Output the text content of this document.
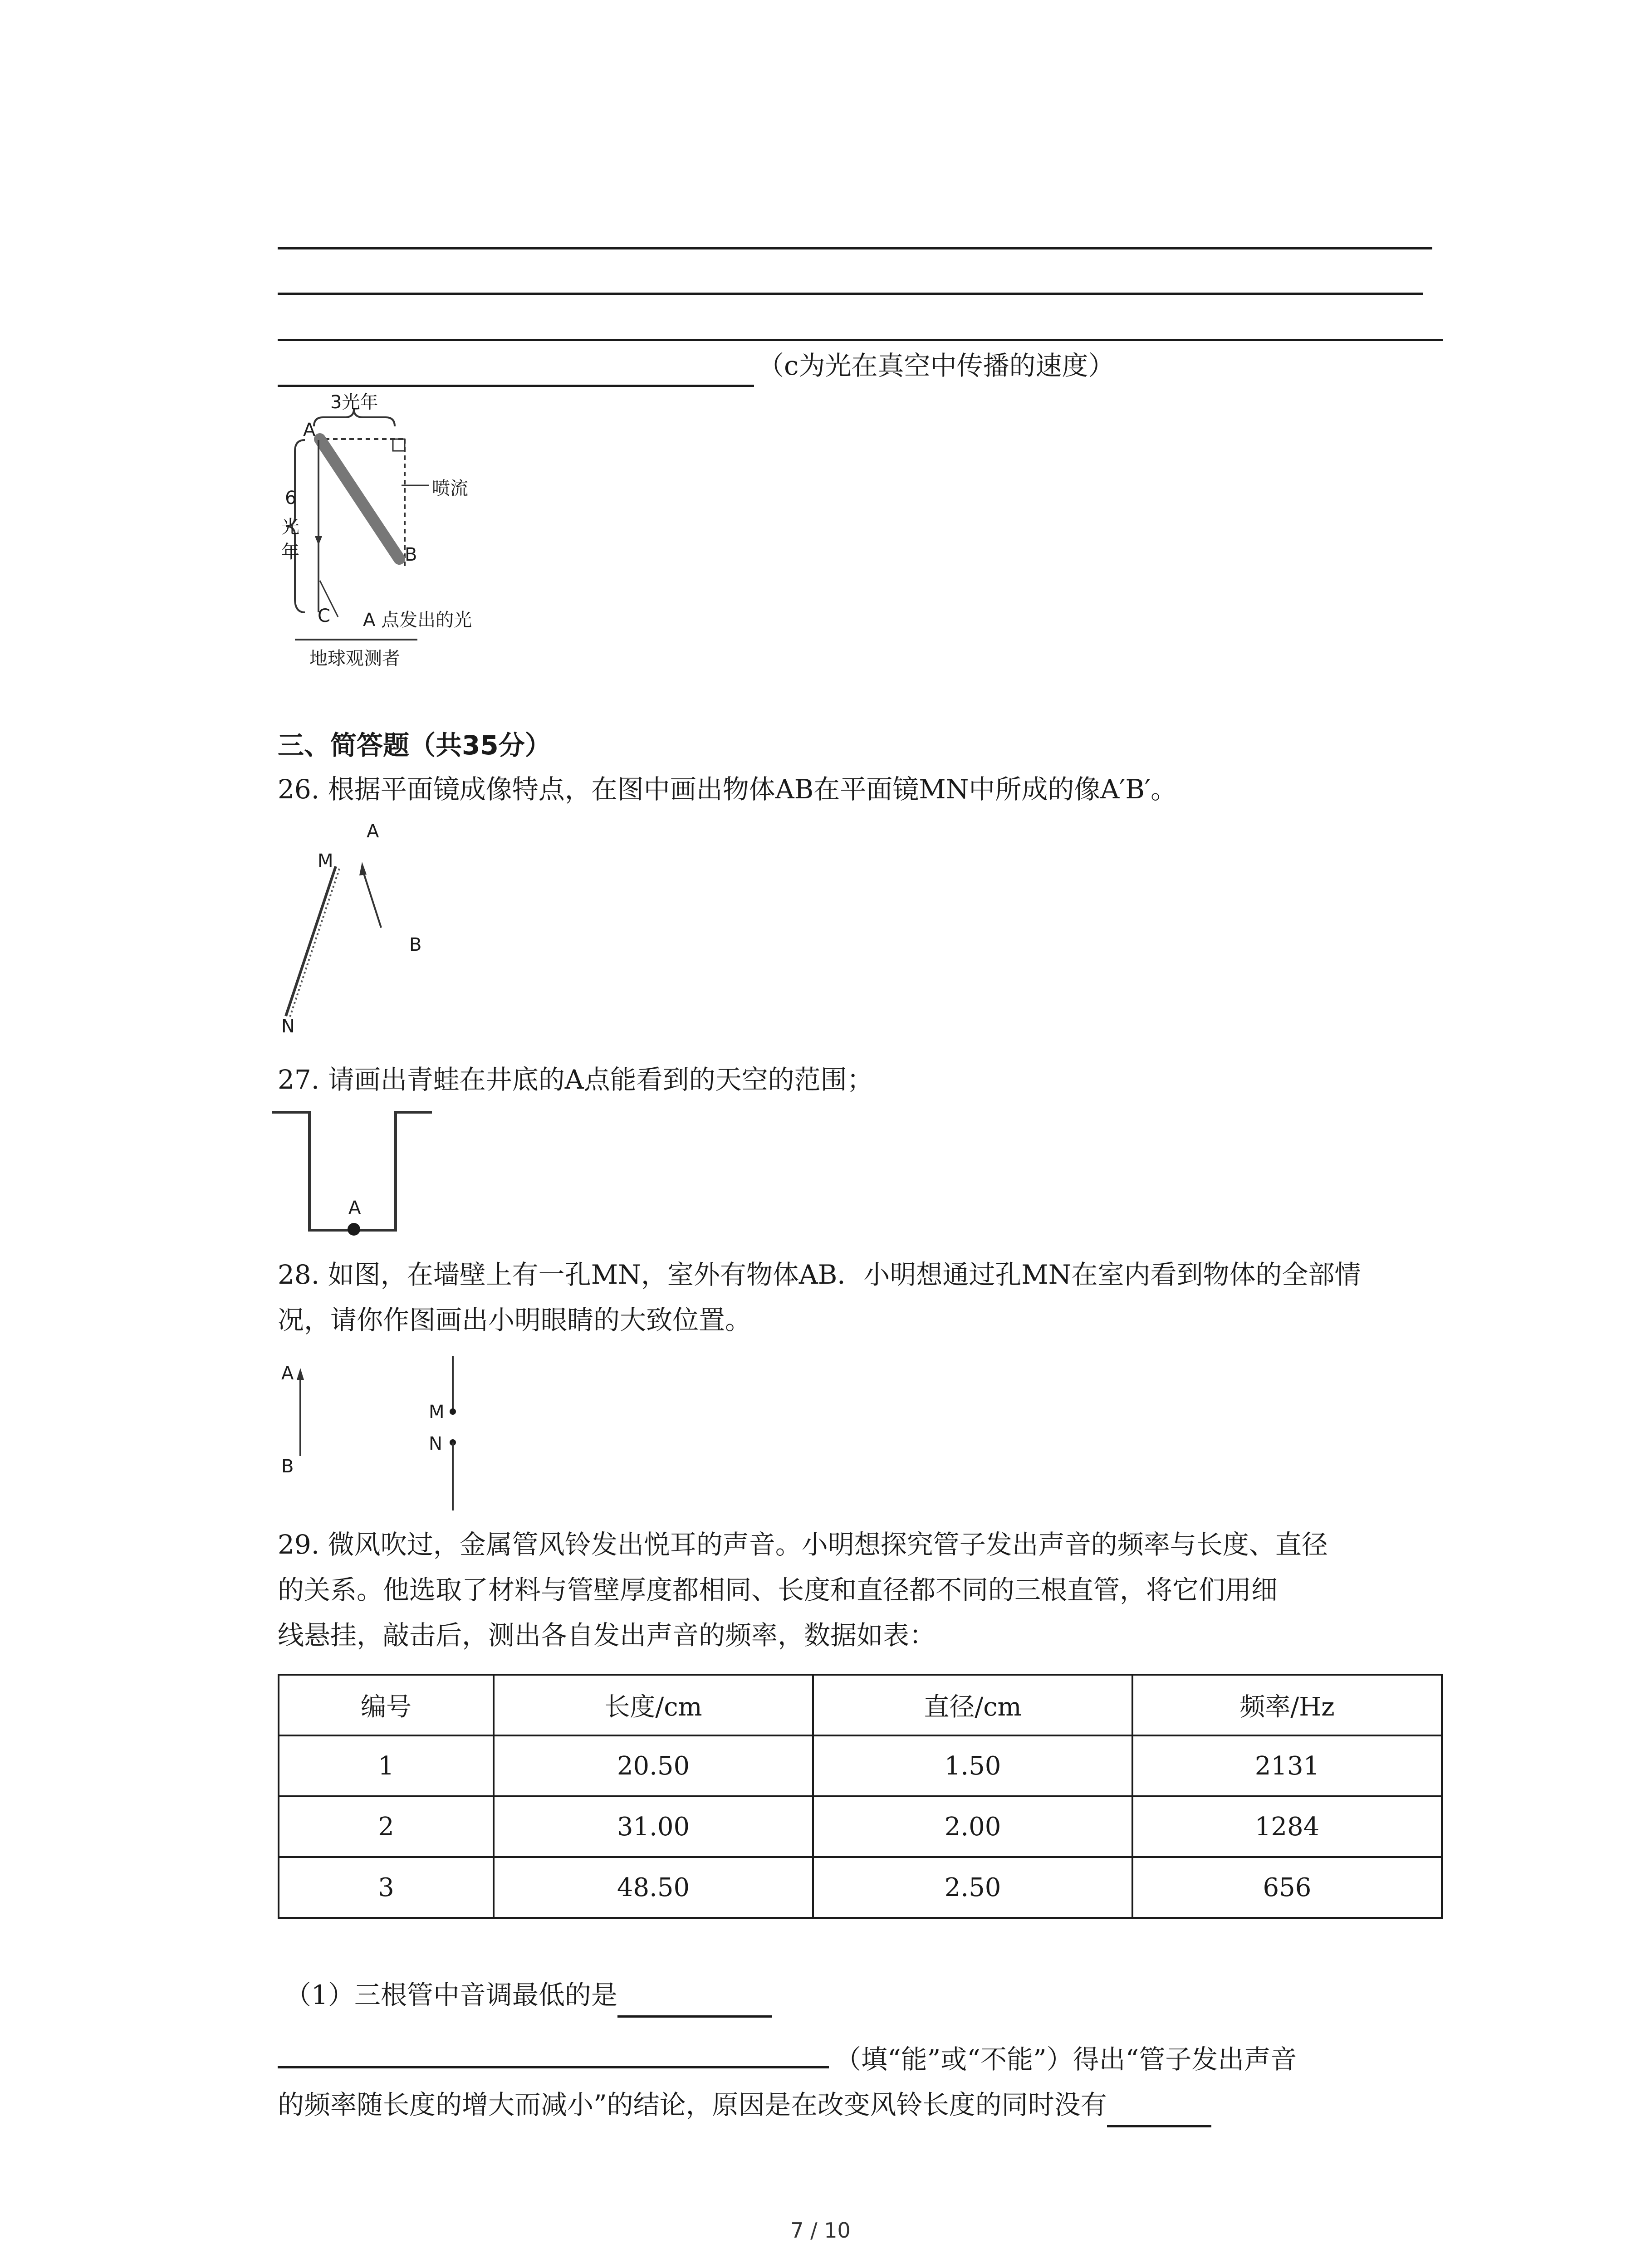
（c为光在真空中传播的速度）
3光年
A
B
C
喷流
6
光
年
A 点发出的光
地球观测者
三、简答题（共35分）
26. 根据平面镜成像特点，在图中画出物体AB在平面镜MN中所成的像A′B′。
M
N
A
B
27. 请画出青蛙在井底的A点能看到的天空的范围；
A
28. 如图，在墙壁上有一孔MN，室外有物体AB．小明想通过孔MN在室内看到物体的全部情
况，请你作图画出小明眼睛的大致位置。
A
B
M
N
29. 微风吹过，金属管风铃发出悦耳的声音。小明想探究管子发出声音的频率与长度、直径
的关系。他选取了材料与管壁厚度都相同、长度和直径都不同的三根直管，将它们用细
线悬挂，敲击后，测出各自发出声音的频率，数据如表：
编号	长度/cm	直径/cm	频率/Hz
1	20.50	1.50	2131
2	31.00	2.00	1284
3	48.50	2.50	656
（1）三根管中音调最低的是
（填“能”或“不能”）得出“管子发出声音
的频率随长度的增大而减小”的结论，原因是在改变风铃长度的同时没有
7 / 10
